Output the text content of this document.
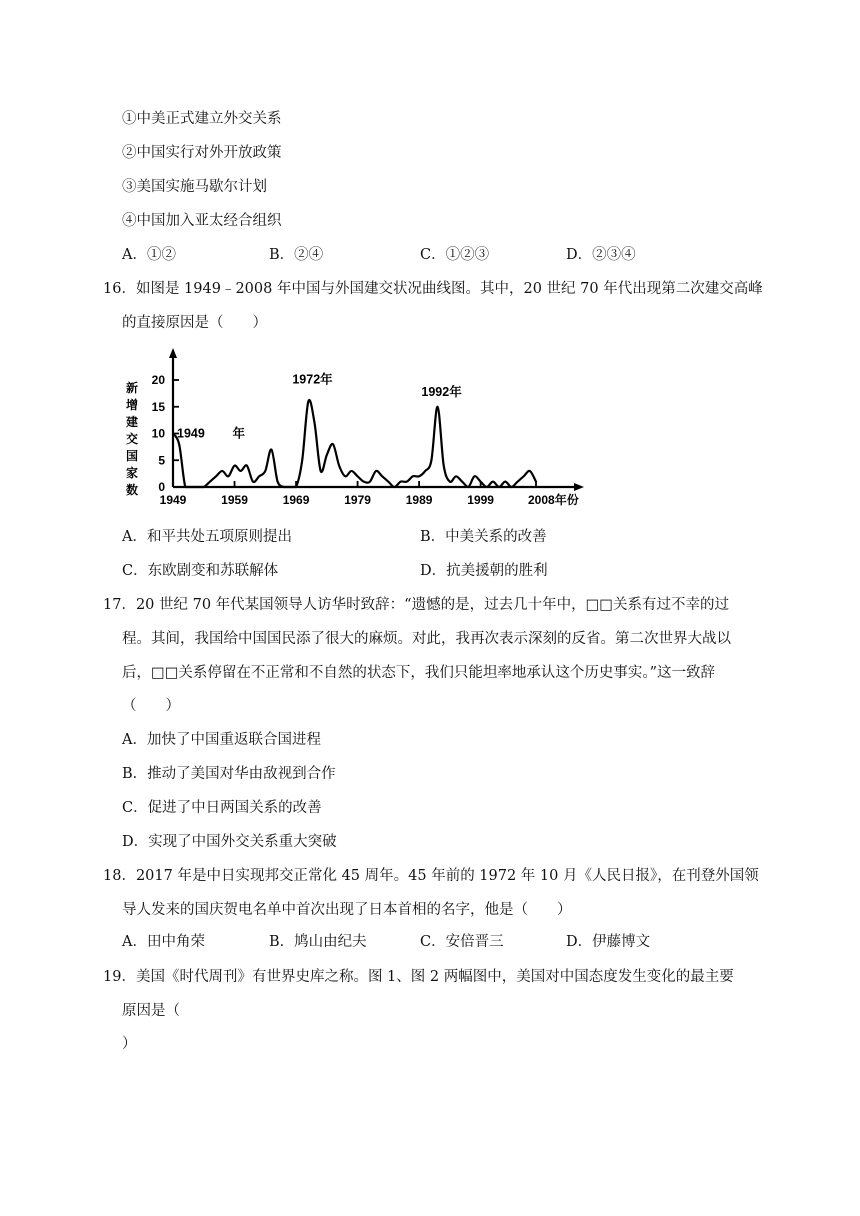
①中美正式建立外交关系
②中国实行对外开放政策
③美国实施马歇尔计划
④中国加入亚太经合组织
A．①②	B．②④	C．①②③	D．②③④
16．如图是 1949﹣2008 年中国与外国建交状况曲线图。其中，20 世纪 70 年代出现第二次建交高峰
的直接原因是（　　）
新
增
建
交
国
家
数 0
5
10
15
20
1949	1959	1969	1979	1989	1999	2008年份
1949 年
1972年
1992年
A．和平共处五项原则提出	B．中美关系的改善
C．东欧剧变和苏联解体	D．抗美援朝的胜利
17．20 世纪 70 年代某国领导人访华时致辞：“遗憾的是，过去几十年中，□□关系有过不幸的过
程。其间，我国给中国国民添了很大的麻烦。对此，我再次表示深刻的反省。第二次世界大战以
后，□□关系停留在不正常和不自然的状态下，我们只能坦率地承认这个历史事实。”这一致辞
（　　）
A．加快了中国重返联合国进程
B．推动了美国对华由敌视到合作
C．促进了中日两国关系的改善
D．实现了中国外交关系重大突破
18．2017 年是中日实现邦交正常化 45 周年。45 年前的 1972 年 10 月《人民日报》，在刊登外国领
导人发来的国庆贺电名单中首次出现了日本首相的名字，他是（　　）
A．田中角荣	B．鸠山由纪夫	C．安倍晋三	D．伊藤博文
19．美国《时代周刊》有世界史库之称。图 1、图 2 两幅图中，美国对中国态度发生变化的最主要
原因是（
）
